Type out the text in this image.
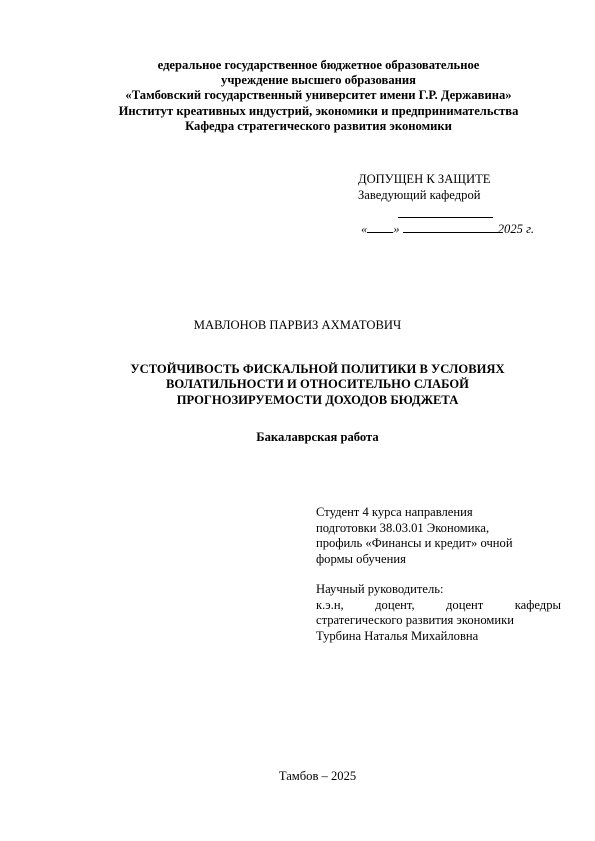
едеральное государственное бюджетное образовательное
учреждение высшего образования
«Тамбовский государственный университет имени Г.Р. Державина»
Институт креативных индустрий, экономики и предпринимательства
Кафедра стратегического развития экономики
ДОПУЩЕН К ЗАЩИТЕ
Заведующий кафедрой
« »	2025 г.
МАВЛОНОВ ПАРВИЗ АХМАТОВИЧ
УСТОЙЧИВОСТЬ ФИСКАЛЬНОЙ ПОЛИТИКИ В УСЛОВИЯХ
ВОЛАТИЛЬНОСТИ И ОТНОСИТЕЛЬНО СЛАБОЙ
ПРОГНОЗИРУЕМОСТИ ДОХОДОВ БЮДЖЕТА
Бакалаврская работа
Студент 4 курса направления
подготовки 38.03.01 Экономика,
профиль «Финансы и кредит» очной
формы обучения
Научный руководитель:
к.э.н, доцент, доцент кафедры
стратегического развития экономики
Турбина Наталья Михайловна
Тамбов – 2025
